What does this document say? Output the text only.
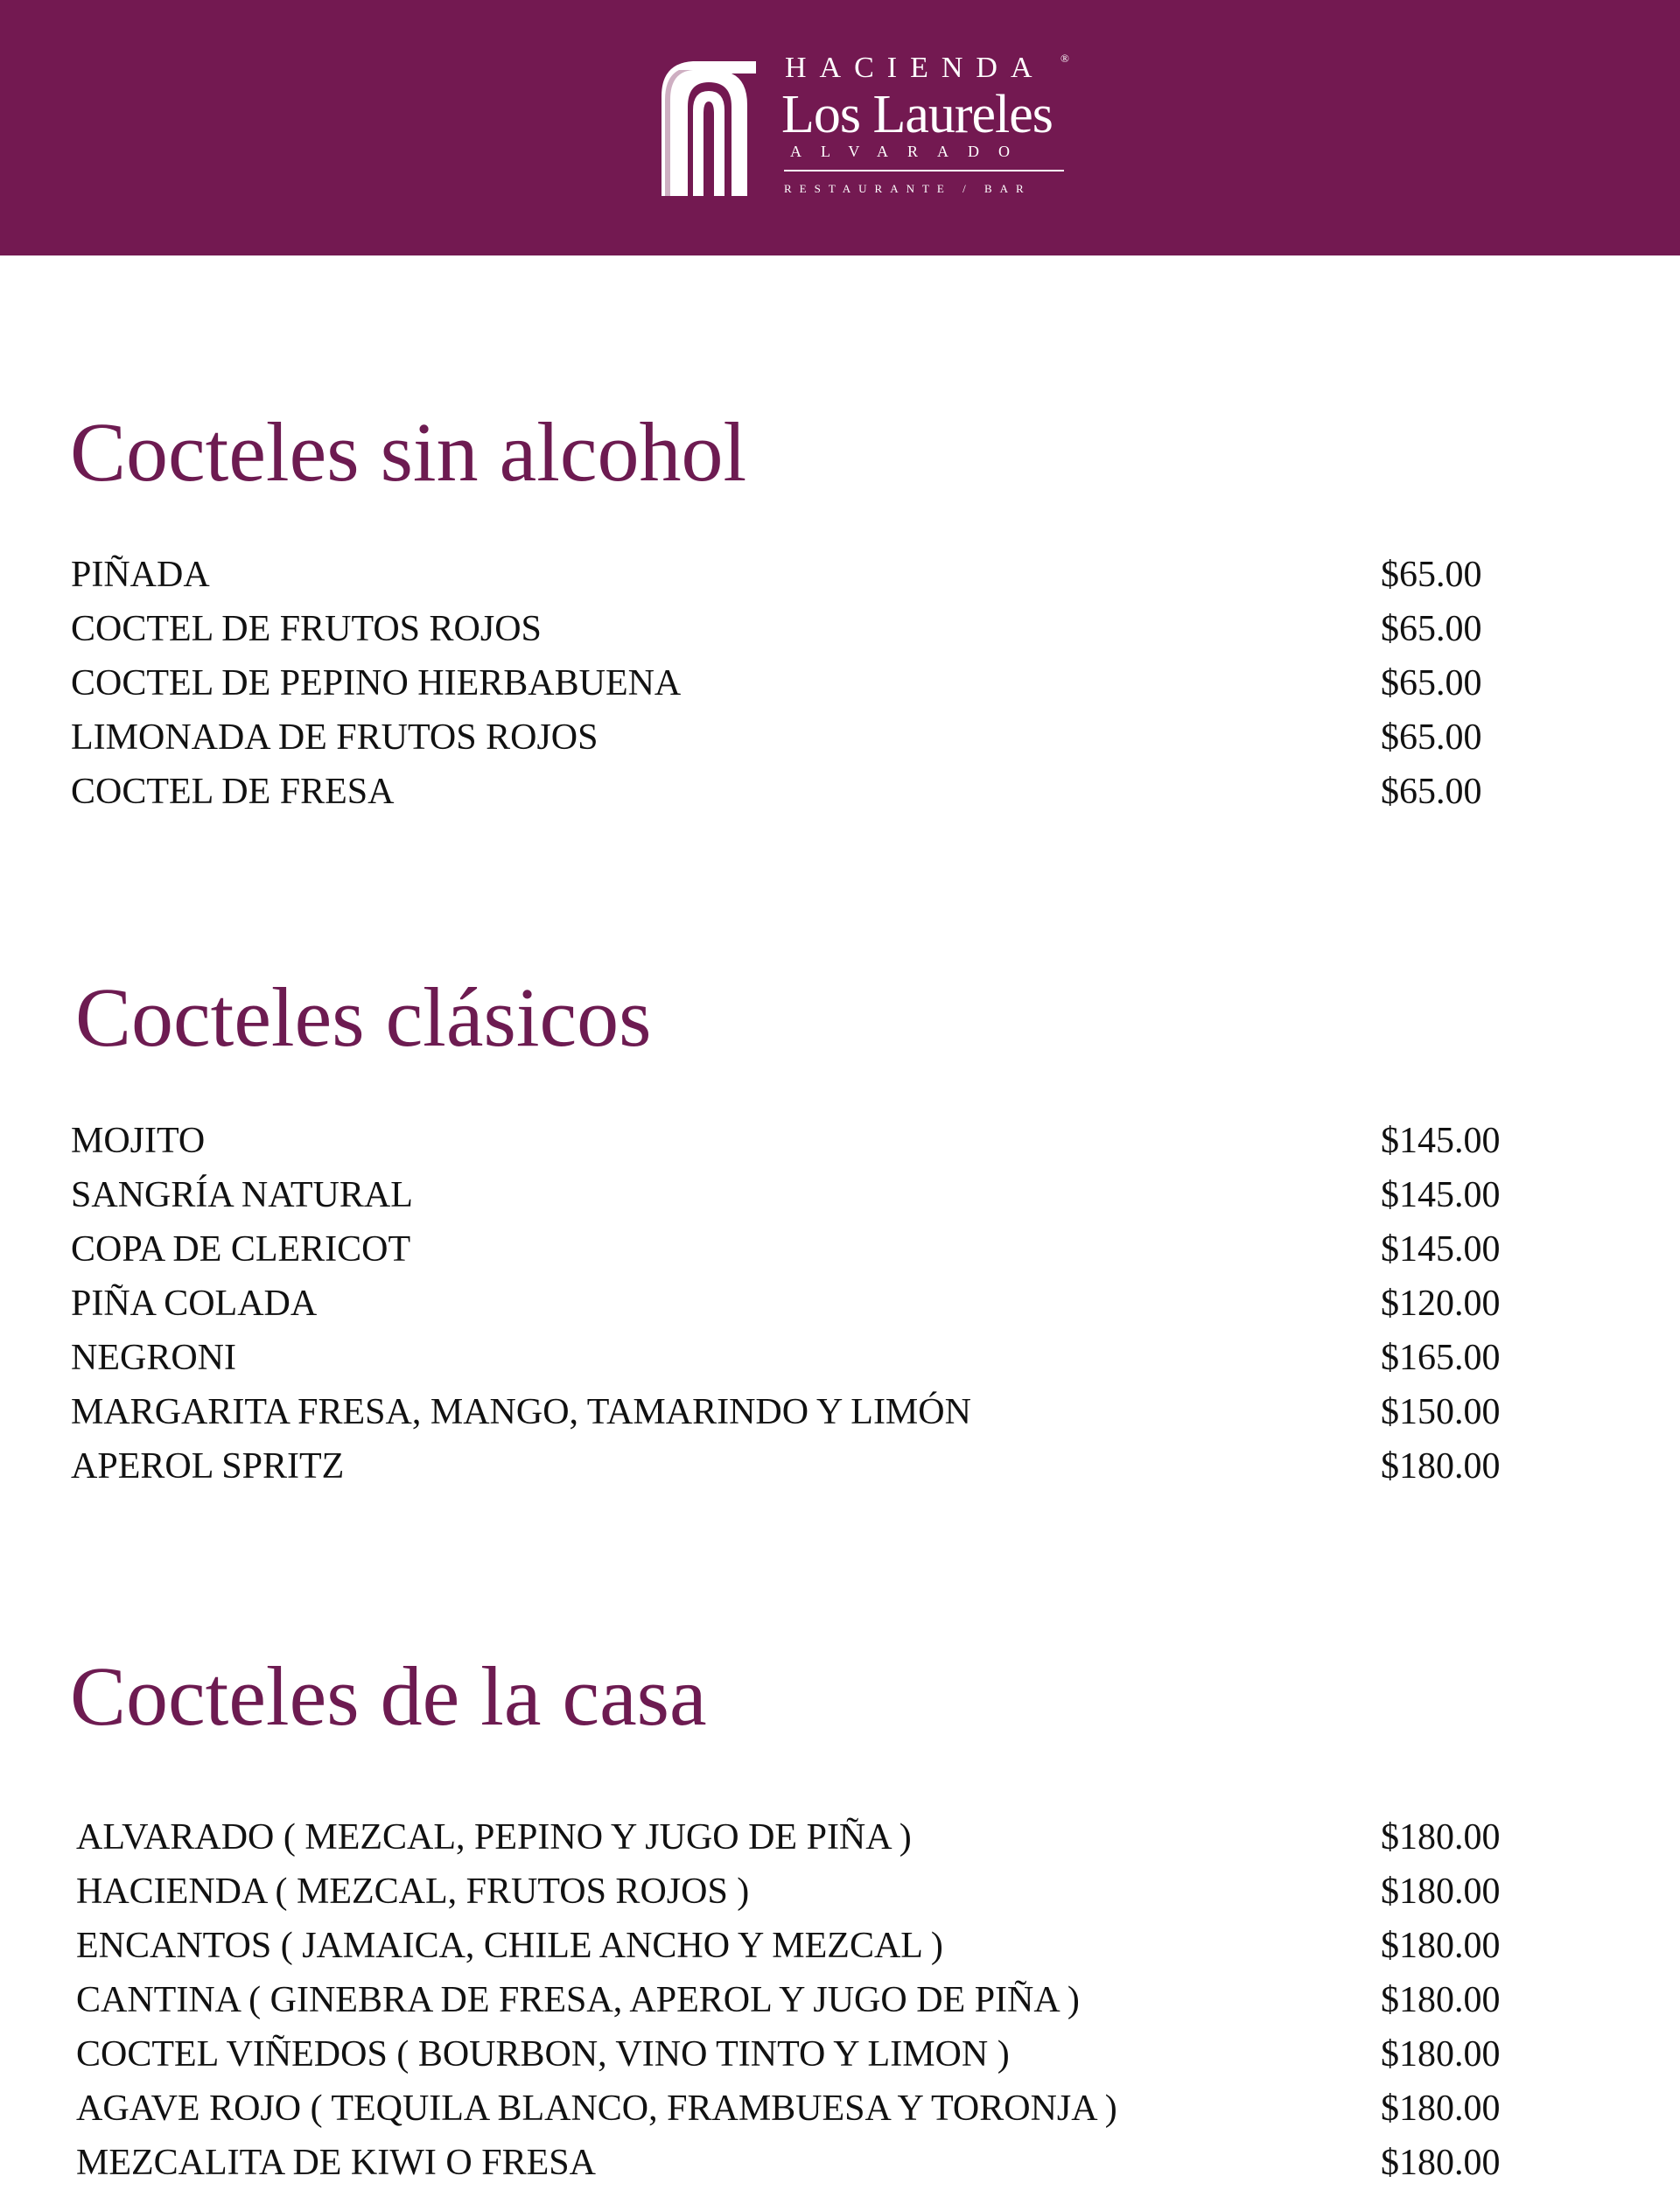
HACIENDA ®
Los Laureles
ALVARADO
RESTAURANTE / BAR
Cocteles sin alcohol
PIÑADA	$65.00
COCTEL DE FRUTOS ROJOS	$65.00
COCTEL DE PEPINO HIERBABUENA	$65.00
LIMONADA DE FRUTOS ROJOS	$65.00
COCTEL DE FRESA	$65.00
Cocteles clásicos
MOJITO	$145.00
SANGRÍA NATURAL	$145.00
COPA DE CLERICOT	$145.00
PIÑA COLADA	$120.00
NEGRONI	$165.00
MARGARITA FRESA, MANGO, TAMARINDO Y LIMÓN	$150.00
APEROL SPRITZ	$180.00
Cocteles de la casa
ALVARADO ( MEZCAL, PEPINO Y JUGO DE PIÑA )	$180.00
HACIENDA ( MEZCAL, FRUTOS ROJOS )	$180.00
ENCANTOS ( JAMAICA, CHILE ANCHO Y MEZCAL )	$180.00
CANTINA ( GINEBRA DE FRESA, APEROL Y JUGO DE PIÑA )	$180.00
COCTEL VIÑEDOS ( BOURBON, VINO TINTO Y LIMON )	$180.00
AGAVE ROJO ( TEQUILA BLANCO, FRAMBUESA Y TORONJA )	$180.00
MEZCALITA DE KIWI O FRESA	$180.00
